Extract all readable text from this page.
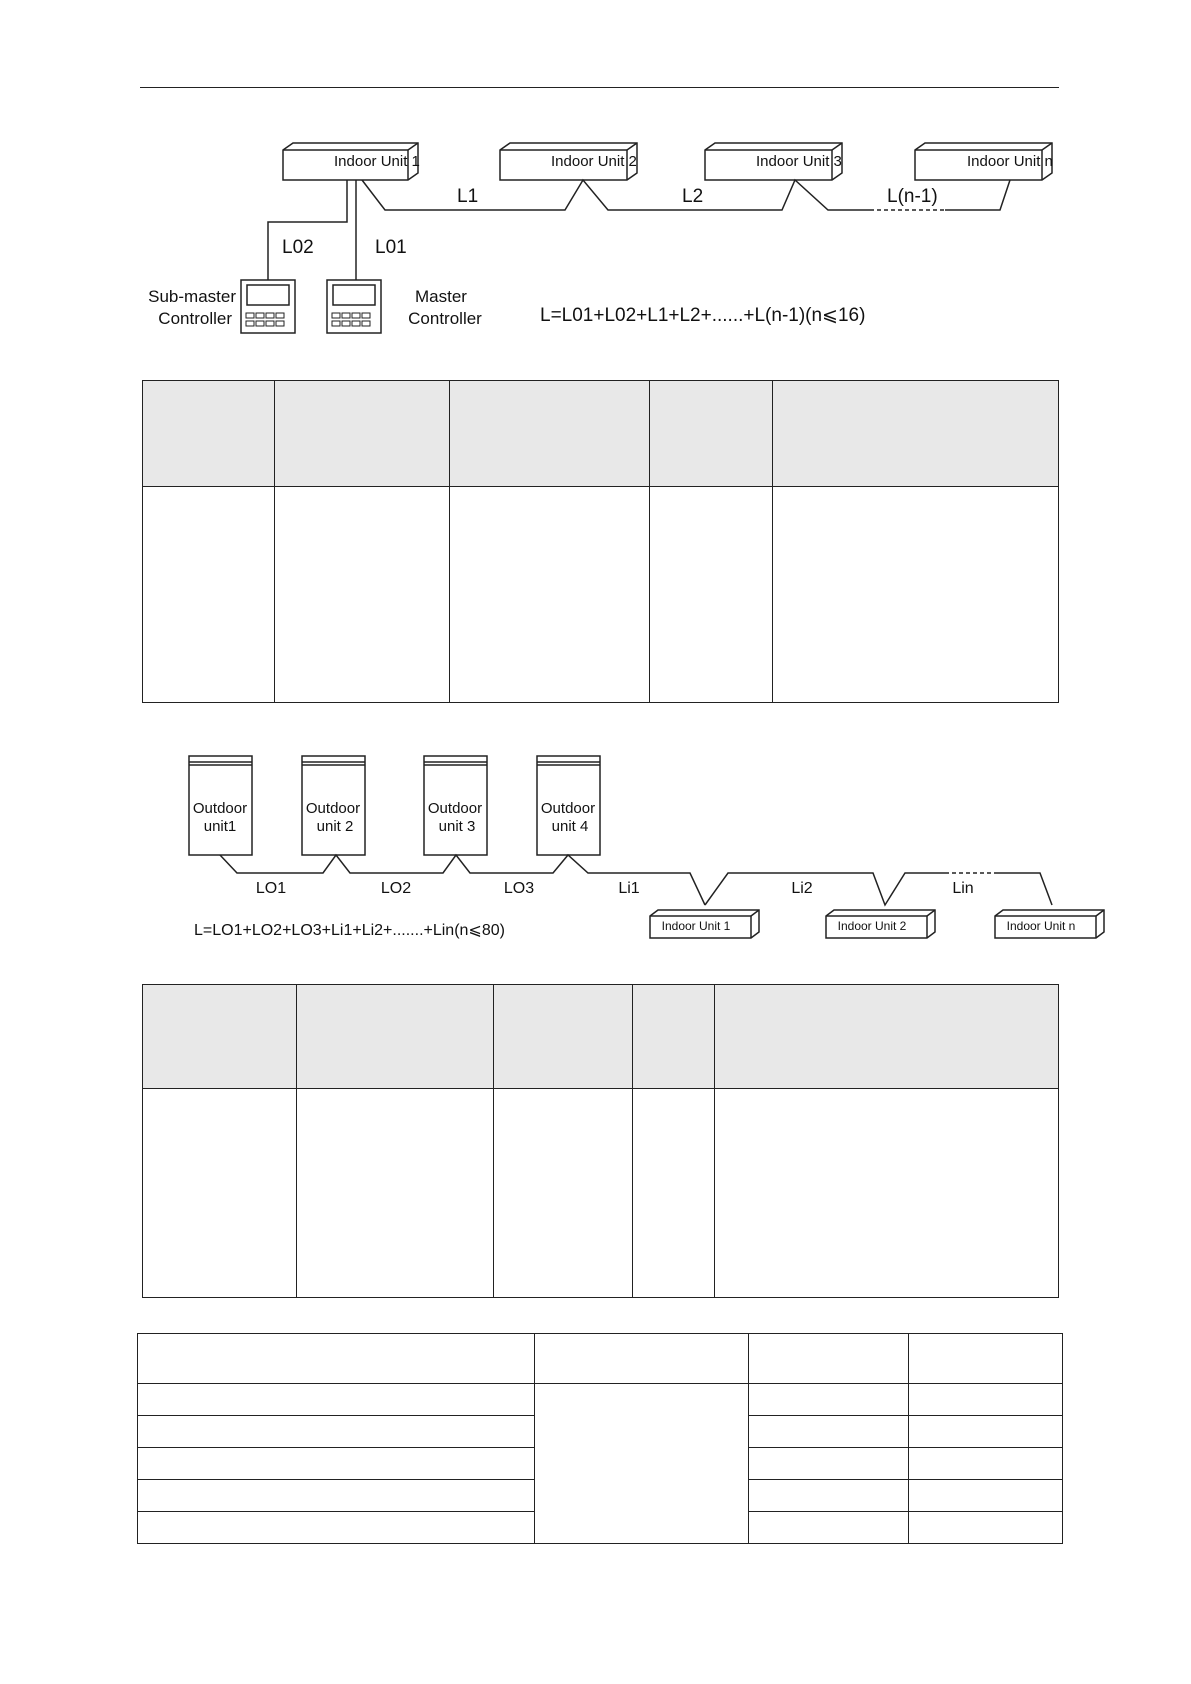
Indoor Unit 1	Indoor Unit 2	Indoor Unit 3	Indoor Unit n
L1	L2	L(n-1)
L02	L01
Sub-master
Controller
Master
Controller	L=L01+L02+L1+L2+......+L(n-1)(n⩽16)

Outdoor
unit1
Outdoor
unit 2
Outdoor
unit 3
Outdoor
unit 4
LO1	LO2	LO3	Li1	Li2	Lin
Indoor Unit 1	Indoor Unit 2	Indoor Unit n
L=LO1+LO2+LO3+Li1+Li2+.......+Lin(n⩽80)
